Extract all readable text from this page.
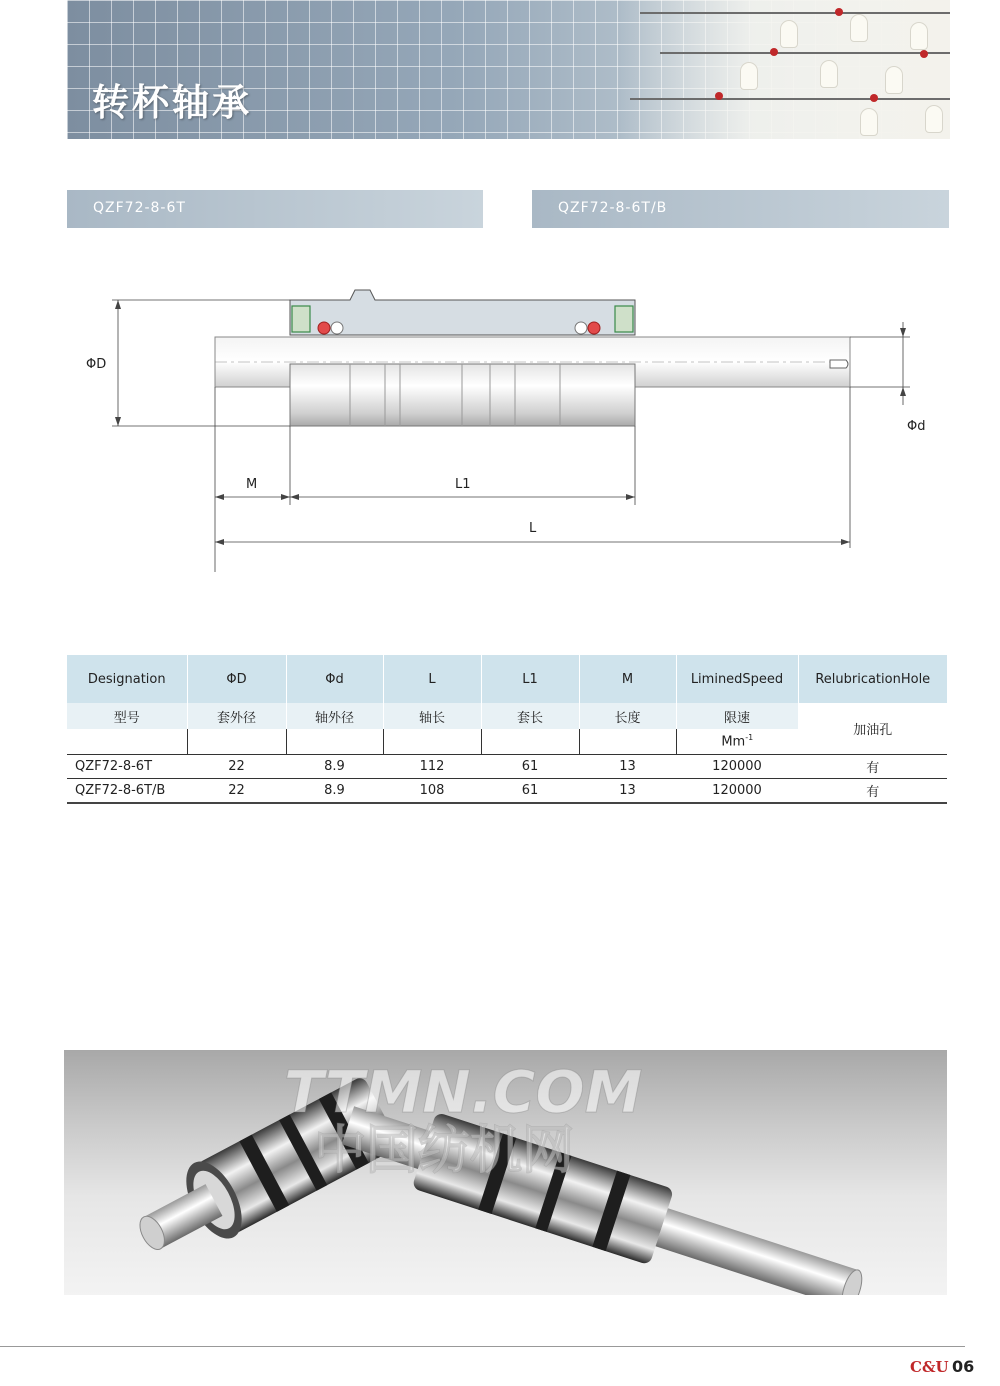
转杯轴承
QZF72-8-6T	QZF72-8-6T/B
ΦD
Φd
M	L1
L
Designation	ΦD	Φd	L	L1	M	LiminedSpeed	RelubricationHole
型号	套外径	轴外径	轴长	套长	长度	限速	加油孔
						$Mm^{-1}$
QZF72-8-6T	22	8.9	112	61	13	120000	有
QZF72-8-6T/B	22	8.9	108	61	13	120000	有
TTMN.COM
中国纺机网
C&U 06
